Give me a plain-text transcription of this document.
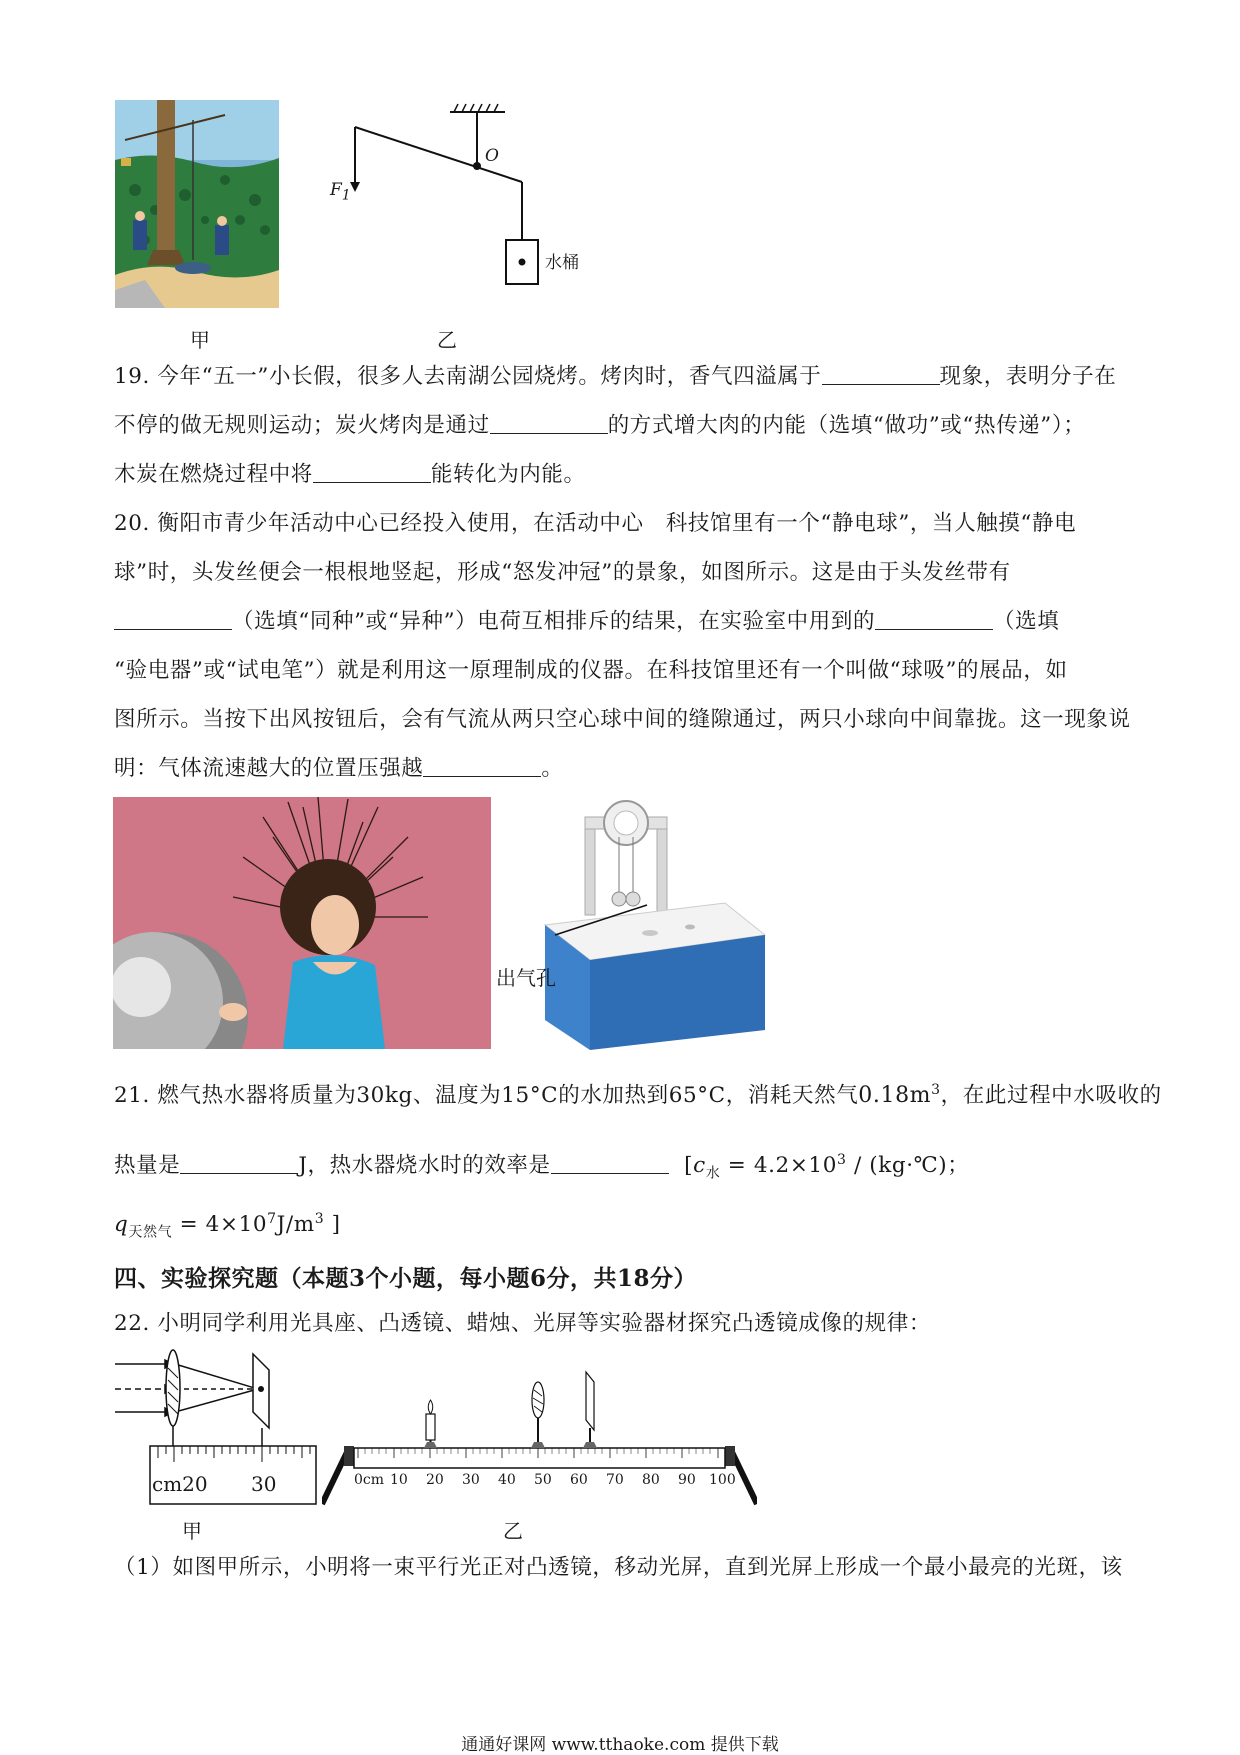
O
$F_1$
水桶
甲	乙
19. 今年“五一”小长假，很多人去南湖公园烧烤。烤肉时，香气四溢属于	现象，表明分子在
不停的做无规则运动；炭火烤肉是通过	的方式增大肉的内能（选填“做功”或“热传递”）；
木炭在燃烧过程中将	能转化为内能。
20. 衡阳市青少年活动中心已经投入使用，在活动中心　科技馆里有一个“静电球”，当人触摸“静电
球”时，头发丝便会一根根地竖起，形成“怒发冲冠”的景象，如图所示。这是由于头发丝带有
（选填“同种”或“异种”）电荷互相排斥的结果，在实验室中用到的	（选填
“验电器”或“试电笔”）就是利用这一原理制成的仪器。在科技馆里还有一个叫做“球吸”的展品，如
图所示。当按下出风按钮后，会有气流从两只空心球中间的缝隙通过，两只小球向中间靠拢。这一现象说
明：气体流速越大的位置压强越	。
出气孔
21. 燃气热水器将质量为30kg、温度为15°C的水加热到65°C，消耗天然气$0.18m^3$，在此过程中水吸收的
热量是	J，热水器烧水时的效率是	[$c_水 = 4.2\times 10^3$ / (kg·℃)；
$q_{天然气} = 4\times 10^7J/m^3$ ]
四、实验探究题（本题3个小题，每小题6分，共18分）
22. 小明同学利用光具座、凸透镜、蜡烛、光屏等实验器材探究凸透镜成像的规律：
cm20 30	0cm 10 20 30 40 50 60 70 80 90 100
甲	乙
（1）如图甲所示，小明将一束平行光正对凸透镜，移动光屏，直到光屏上形成一个最小最亮的光斑，该
通通好课网 www.tthaoke.com 提供下载
